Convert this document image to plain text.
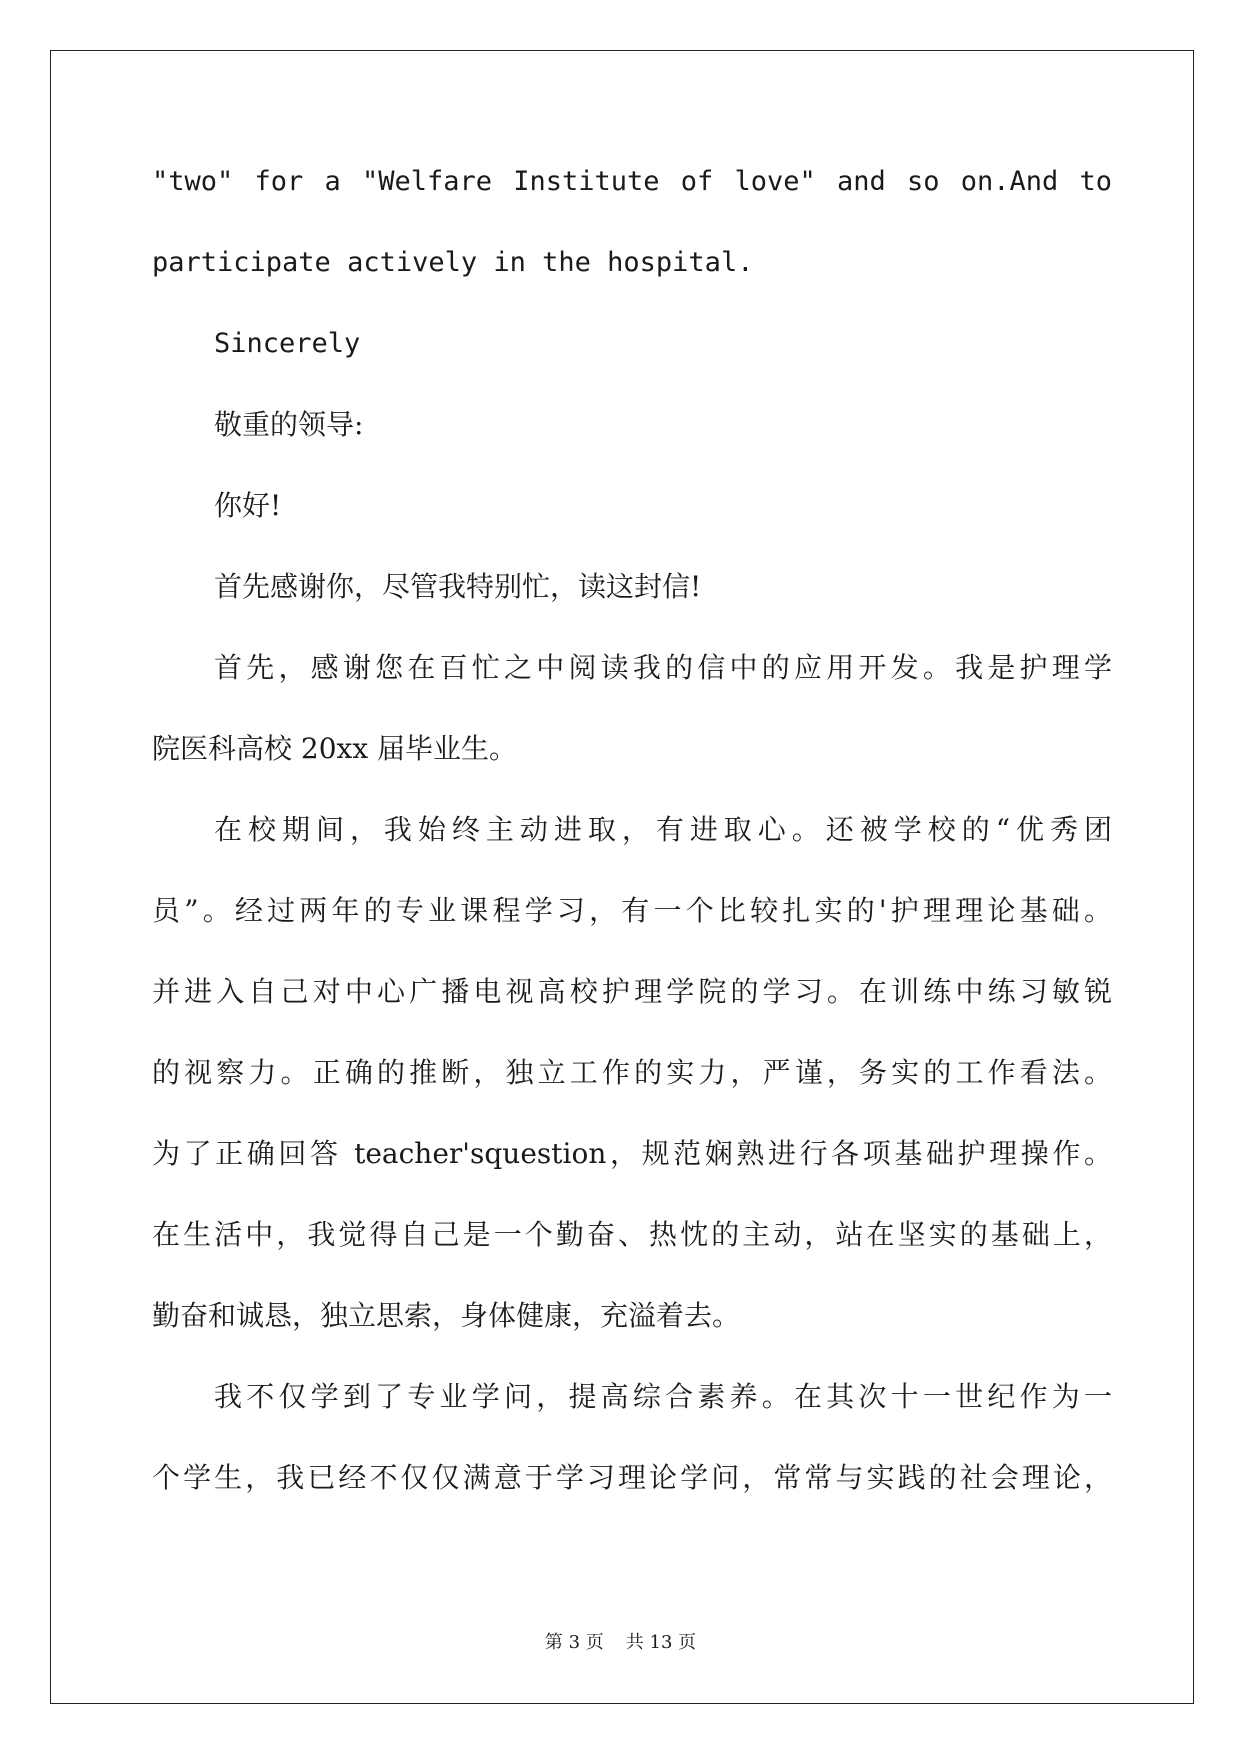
"two" for a "Welfare Institute of love" and so on.And to
participate actively in the hospital.
Sincerely
敬重的领导:
你好!
首先感谢你，尽管我特别忙，读这封信!
首先，感谢您在百忙之中阅读我的信中的应用开发。我是护理学
院医科高校 20xx 届毕业生。
在校期间，我始终主动进取，有进取心。还被学校的“优秀团
员”。经过两年的专业课程学习，有一个比较扎实的'护理理论基础。
并进入自己对中心广播电视高校护理学院的学习。在训练中练习敏锐
的视察力。正确的推断，独立工作的实力，严谨，务实的工作看法。
为了正确回答 teacher'squestion，规范娴熟进行各项基础护理操作。
在生活中，我觉得自己是一个勤奋、热忱的主动，站在坚实的基础上，
勤奋和诚恳，独立思索，身体健康，充溢着去。
我不仅学到了专业学问，提高综合素养。在其次十一世纪作为一
个学生，我已经不仅仅满意于学习理论学问，常常与实践的社会理论，
第 3 页 共 13 页
